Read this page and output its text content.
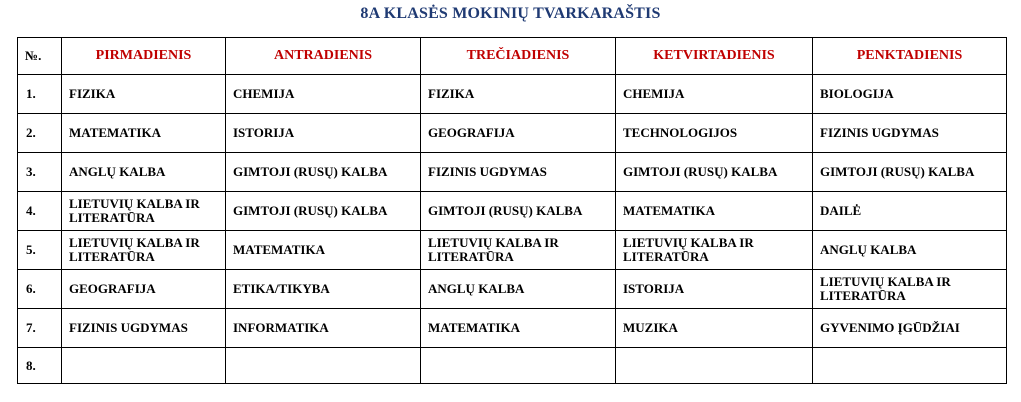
8A KLASĖS MOKINIŲ TVARKARAŠTIS
№.	PIRMADIENIS	ANTRADIENIS	TREČIADIENIS	KETVIRTADIENIS	PENKTADIENIS
1.	FIZIKA	CHEMIJA	FIZIKA	CHEMIJA	BIOLOGIJA
2.	MATEMATIKA	ISTORIJA	GEOGRAFIJA	TECHNOLOGIJOS	FIZINIS UGDYMAS
3.	ANGLŲ KALBA	GIMTOJI (RUSŲ) KALBA	FIZINIS UGDYMAS	GIMTOJI (RUSŲ) KALBA	GIMTOJI (RUSŲ) KALBA
4.	LIETUVIŲ KALBA IR LITERATŪRA	GIMTOJI (RUSŲ) KALBA	GIMTOJI (RUSŲ) KALBA	MATEMATIKA	DAILĖ
5.	LIETUVIŲ KALBA IR LITERATŪRA	MATEMATIKA	LIETUVIŲ KALBA IR LITERATŪRA	LIETUVIŲ KALBA IR LITERATŪRA	ANGLŲ KALBA
6.	GEOGRAFIJA	ETIKA/TIKYBA	ANGLŲ KALBA	ISTORIJA	LIETUVIŲ KALBA IR LITERATŪRA
7.	FIZINIS UGDYMAS	INFORMATIKA	MATEMATIKA	MUZIKA	GYVENIMO ĮGŪDŽIAI
8.					
